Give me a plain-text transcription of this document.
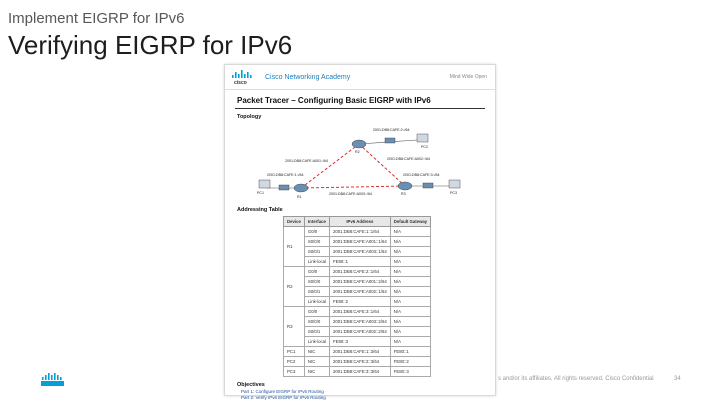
Implement EIGRP for IPv6
Verifying EIGRP for IPv6
cisco
Cisco Networking Academy	Mind Wide Open
Packet Tracer – Configuring Basic EIGRP with IPv6
Topology
R1
R2
R3
PC1
PC2
PC3
2001:DB8:CAFE:2::/64
2001:DB8:CAFE:A001::/64	2001:DB8:CAFE:A002::/64
2001:DB8:CAFE:A003::/64
2001:DB8:CAFE:1::/64	2001:DB8:CAFE:3::/64
Addressing Table
Device	Interface	IPv6 Address	Default Gateway
R1	G0/0	2001:DB8:CAFE:1::1/64	N/A
	S0/0/0	2001:DB8:CAFE:A001::1/64	N/A
	S0/0/1	2001:DB8:CAFE:A003::1/64	N/A
	Link-local	FE80::1	N/A
R2	G0/0	2001:DB8:CAFE:2::1/64	N/A
	S0/0/0	2001:DB8:CAFE:A001::2/64	N/A
	S0/0/1	2001:DB8:CAFE:A002::1/64	N/A
	Link-local	FE80::2	N/A
R3	G0/0	2001:DB8:CAFE:3::1/64	N/A
	S0/0/0	2001:DB8:CAFE:A003::2/64	N/A
	S0/0/1	2001:DB8:CAFE:A002::2/64	N/A
	Link-local	FE80::3	N/A
PC1	NIC	2001:DB8:CAFE:1::3/64	FE80::1
PC2	NIC	2001:DB8:CAFE:2::3/64	FE80::2
PC3	NIC	2001:DB8:CAFE:3::3/64	FE80::3
Objectives
Part 1: Configure EIGRP for IPv6 Routing
Part 2: Verify IPv6 EIGRP for IPv6 Routing
s and/or its affiliates. All rights reserved. Cisco Confidential	34
